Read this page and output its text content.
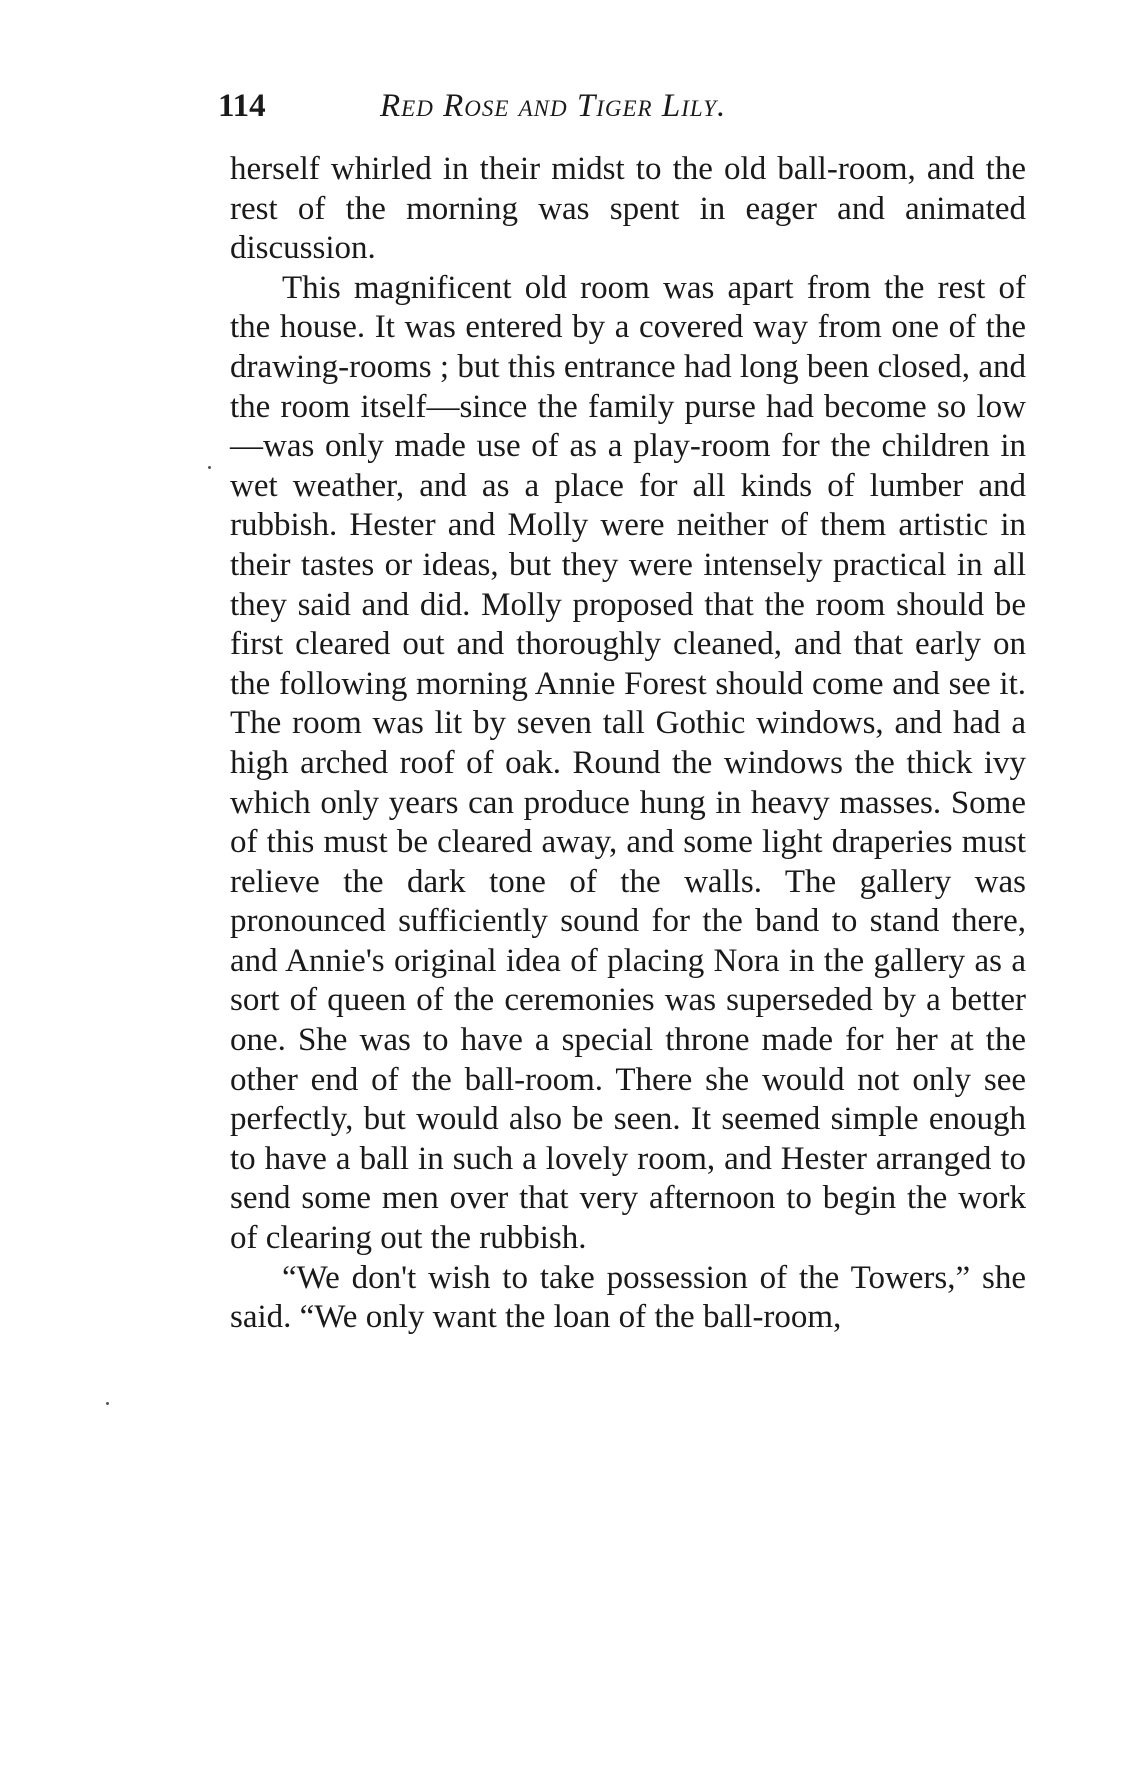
114	Red Rose and Tiger Lily.

herself whirled in their midst to the old ball-room, and the rest of the morning was spent in eager and animated discussion.

This magnificent old room was apart from the rest of the house. It was entered by a covered way from one of the drawing-rooms ; but this entrance had long been closed, and the room itself—since the family purse had become so low—was only made use of as a play-room for the children in wet weather, and as a place for all kinds of lumber and rubbish. Hester and Molly were neither of them artistic in their tastes or ideas, but they were intensely practical in all they said and did. Molly proposed that the room should be first cleared out and thoroughly cleaned, and that early on the following morning Annie Forest should come and see it. The room was lit by seven tall Gothic windows, and had a high arched roof of oak. Round the windows the thick ivy which only years can produce hung in heavy masses. Some of this must be cleared away, and some light draperies must relieve the dark tone of the walls. The gallery was pronounced sufficiently sound for the band to stand there, and Annie's original idea of placing Nora in the gallery as a sort of queen of the ceremonies was superseded by a better one. She was to have a special throne made for her at the other end of the ball-room. There she would not only see perfectly, but would also be seen. It seemed simple enough to have a ball in such a lovely room, and Hester arranged to send some men over that very afternoon to begin the work of clearing out the rubbish.

“We don't wish to take possession of the Towers,” she said. “We only want the loan of the ball-room,
